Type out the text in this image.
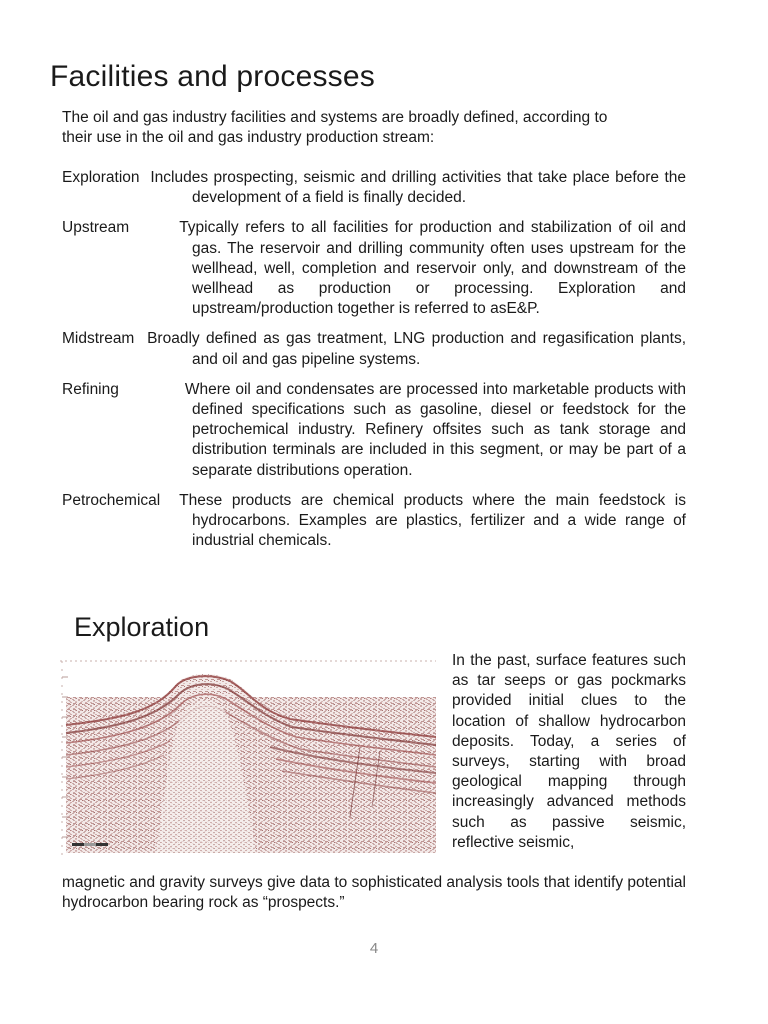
Facilities and processes

The oil and gas industry facilities and systems are broadly defined, according to their use in the oil and gas industry production stream:

Exploration Includes prospecting, seismic and drilling activities that take place before the development of a field is finally decided.

Upstream	Typically refers to all facilities for production and stabilization of oil and gas. The reservoir and drilling community often uses upstream for the wellhead, well, completion and reservoir only, and downstream of the wellhead as production or processing. Exploration and upstream/production together is referred to asE&P.

Midstream Broadly defined as gas treatment, LNG production and regasification plants, and oil and gas pipeline systems.

Refining	Where oil and condensates are processed into marketable products with defined specifications such as gasoline, diesel or feedstock for the petrochemical industry. Refinery offsites such as tank storage and distribution terminals are included in this segment, or may be part of a separate distributions operation.

Petrochemical These products are chemical products where the main feedstock is hydrocarbons. Examples are plastics, fertilizer and a wide range of industrial chemicals.

Exploration

In the past, surface features such as tar seeps or gas pockmarks provided initial clues to the location of shallow hydrocarbon deposits. Today, a series of surveys, starting with broad geological mapping through increasingly advanced methods such as passive seismic, reflective seismic,

magnetic and gravity surveys give data to sophisticated analysis tools that identify potential hydrocarbon bearing rock as “prospects.”

4
